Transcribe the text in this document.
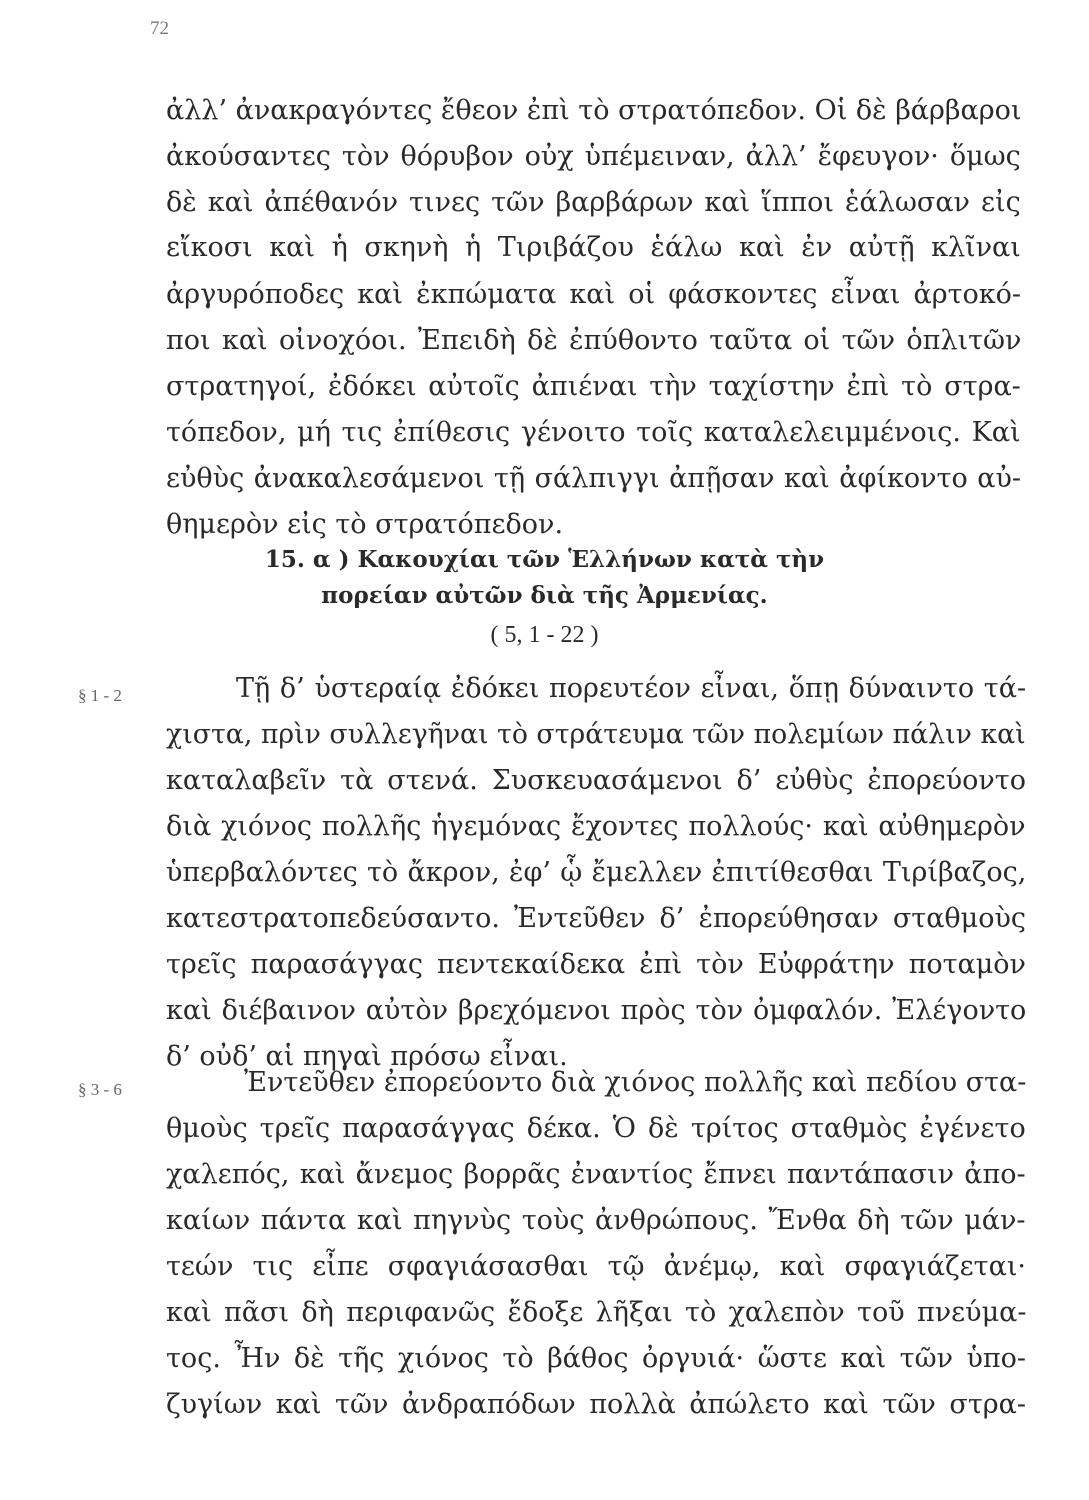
72
ἀλλ’ ἀνακραγόντες ἔθεον ἐπὶ τὸ στρατόπεδον. Οἱ δὲ βάρβαροι
ἀκούσαντες τὸν θόρυβον οὐχ ὑπέμειναν, ἀλλ’ ἔφευγον· ὅμως
δὲ καὶ ἀπέθανόν τινες τῶν βαρβάρων καὶ ἵπποι ἑάλωσαν εἰς
εἴκοσι καὶ ἡ σκηνὴ ἡ Τιριβάζου ἑάλω καὶ ἐν αὐτῇ κλῖναι
ἀργυρόποδες καὶ ἐκπώματα καὶ οἱ φάσκοντες εἶναι ἀρτοκό-
ποι καὶ οἰνοχόοι. Ἐπειδὴ δὲ ἐπύθοντο ταῦτα οἱ τῶν ὁπλιτῶν
στρατηγοί, ἐδόκει αὐτοῖς ἀπιέναι τὴν ταχίστην ἐπὶ τὸ στρα-
τόπεδον, μή τις ἐπίθεσις γένοιτο τοῖς καταλελειμμένοις. Καὶ
εὐθὺς ἀνακαλεσάμενοι τῇ σάλπιγγι ἀπῇσαν καὶ ἀφίκοντο αὐ-
θημερὸν εἰς τὸ στρατόπεδον.
15. α ) Κακουχίαι τῶν Ἑλλήνων κατὰ τὴν
πορείαν αὐτῶν διὰ τῆς Ἀρμενίας.
( 5, 1 - 22 )
§ 1 - 2	Τῇ δ’ ὑστεραίᾳ ἐδόκει πορευτέον εἶναι, ὅπῃ δύναιντο τά-
χιστα, πρὶν συλλεγῆναι τὸ στράτευμα τῶν πολεμίων πάλιν καὶ
καταλαβεῖν τὰ στενά. Συσκευασάμενοι δ’ εὐθὺς ἐπορεύοντο
διὰ χιόνος πολλῆς ἡγεμόνας ἔχοντες πολλούς· καὶ αὐθημερὸν
ὑπερβαλόντες τὸ ἄκρον, ἐφ’ ᾧ ἔμελλεν ἐπιτίθεσθαι Τιρίβαζος,
κατεστρατοπεδεύσαντο. Ἐντεῦθεν δ’ ἐπορεύθησαν σταθμοὺς
τρεῖς παρασάγγας πεντεκαίδεκα ἐπὶ τὸν Εὐφράτην ποταμὸν
καὶ διέβαινον αὐτὸν βρεχόμενοι πρὸς τὸν ὀμφαλόν. Ἐλέγοντο
δ’ οὐδ’ αἱ πηγαὶ πρόσω εἶναι.
§ 3 - 6	Ἐντεῦθεν ἐπορεύοντο διὰ χιόνος πολλῆς καὶ πεδίου στα-
θμοὺς τρεῖς παρασάγγας δέκα. Ὁ δὲ τρίτος σταθμὸς ἐγένετο
χαλεπός, καὶ ἄνεμος βορρᾶς ἐναντίος ἔπνει παντάπασιν ἀπο-
καίων πάντα καὶ πηγνὺς τοὺς ἀνθρώπους. Ἔνθα δὴ τῶν μάν-
τεών τις εἶπε σφαγιάσασθαι τῷ ἀνέμῳ, καὶ σφαγιάζεται·
καὶ πᾶσι δὴ περιφανῶς ἔδοξε λῆξαι τὸ χαλεπὸν τοῦ πνεύμα-
τος. Ἦν δὲ τῆς χιόνος τὸ βάθος ὀργυιά· ὥστε καὶ τῶν ὑπο-
ζυγίων καὶ τῶν ἀνδραπόδων πολλὰ ἀπώλετο καὶ τῶν στρα-
